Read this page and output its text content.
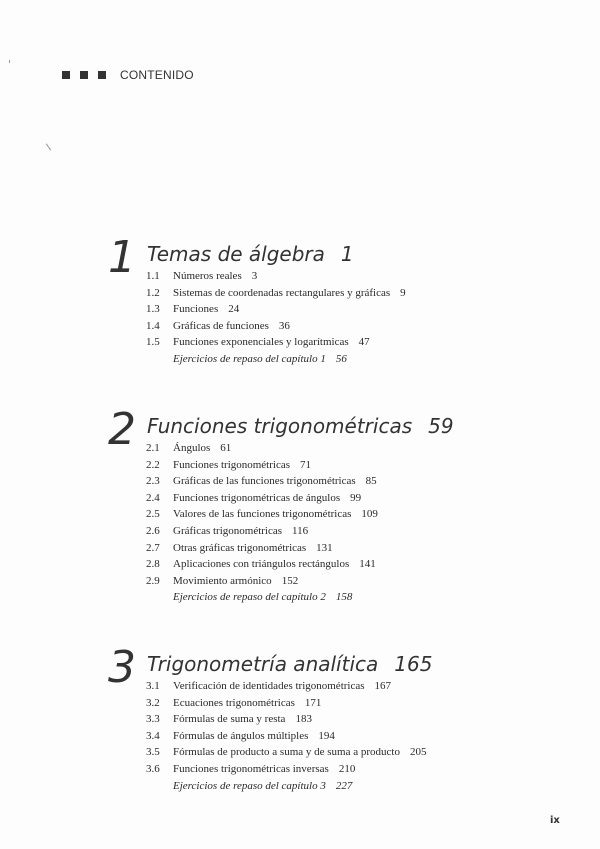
CONTENIDO
1 Temas de álgebra 1
1.1	Números reales 3
1.2	Sistemas de coordenadas rectangulares y gráficas 9
1.3	Funciones 24
1.4	Gráficas de funciones 36
1.5	Funciones exponenciales y logarítmicas 47
Ejercicios de repaso del capítulo 1 56
2 Funciones trigonométricas 59
2.1	Ángulos 61
2.2	Funciones trigonométricas 71
2.3	Gráficas de las funciones trigonométricas 85
2.4	Funciones trigonométricas de ángulos 99
2.5	Valores de las funciones trigonométricas 109
2.6	Gráficas trigonométricas 116
2.7	Otras gráficas trigonométricas 131
2.8	Aplicaciones con triángulos rectángulos 141
2.9	Movimiento armónico 152
Ejercicios de repaso del capítulo 2 158
3 Trigonometría analítica 165
3.1	Verificación de identidades trigonométricas 167
3.2	Ecuaciones trigonométricas 171
3.3	Fórmulas de suma y resta 183
3.4	Fórmulas de ángulos múltiples 194
3.5	Fórmulas de producto a suma y de suma a producto 205
3.6	Funciones trigonométricas inversas 210
Ejercicios de repaso del capítulo 3 227
ix
